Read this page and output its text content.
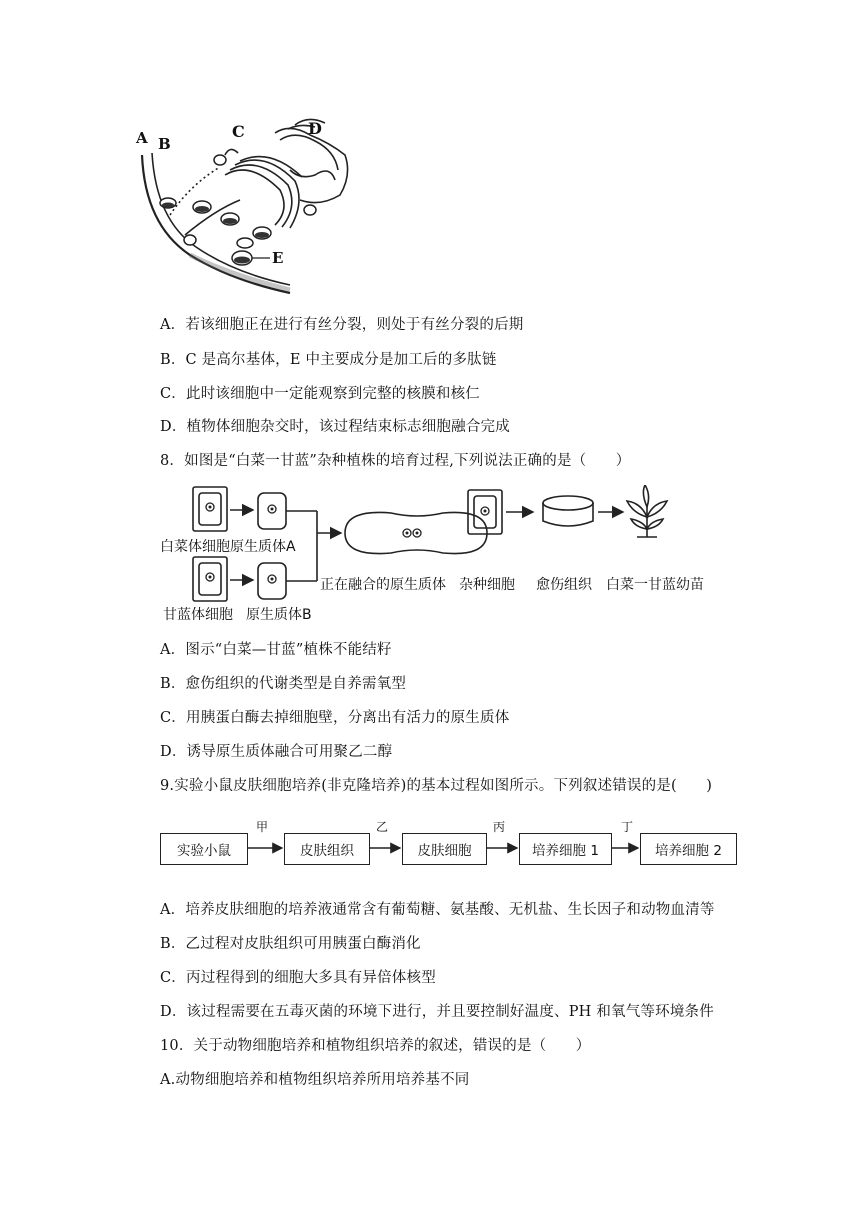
A B
C	D
E
A．若该细胞正在进行有丝分裂，则处于有丝分裂的后期
B．C 是高尔基体，E 中主要成分是加工后的多肽链
C．此时该细胞中一定能观察到完整的核膜和核仁
D．植物体细胞杂交时，该过程结束标志细胞融合完成
8．如图是“白菜一甘蓝”杂种植株的培育过程,下列说法正确的是（　　）
白菜体细胞 原生质体A
甘蓝体细胞 原生质体B
正在融合的原生质体 杂种细胞 愈伤组织 白菜一甘蓝幼苗
A．图示“白菜—甘蓝”植株不能结籽
B．愈伤组织的代谢类型是自养需氧型
C．用胰蛋白酶去掉细胞壁，分离出有活力的原生质体
D．诱导原生质体融合可用聚乙二醇
9.实验小鼠皮肤细胞培养(非克隆培养)的基本过程如图所示。下列叙述错误的是(　　)
实验小鼠	皮肤组织	皮肤细胞	培养细胞 1	培养细胞 2
甲	乙	丙	丁
A．培养皮肤细胞的培养液通常含有葡萄糖、氨基酸、无机盐、生长因子和动物血清等
B．乙过程对皮肤组织可用胰蛋白酶消化
C．丙过程得到的细胞大多具有异倍体核型
D．该过程需要在五毒灭菌的环境下进行，并且要控制好温度、PH 和氧气等环境条件
10．关于动物细胞培养和植物组织培养的叙述，错误的是（　　）
A.动物细胞培养和植物组织培养所用培养基不同
